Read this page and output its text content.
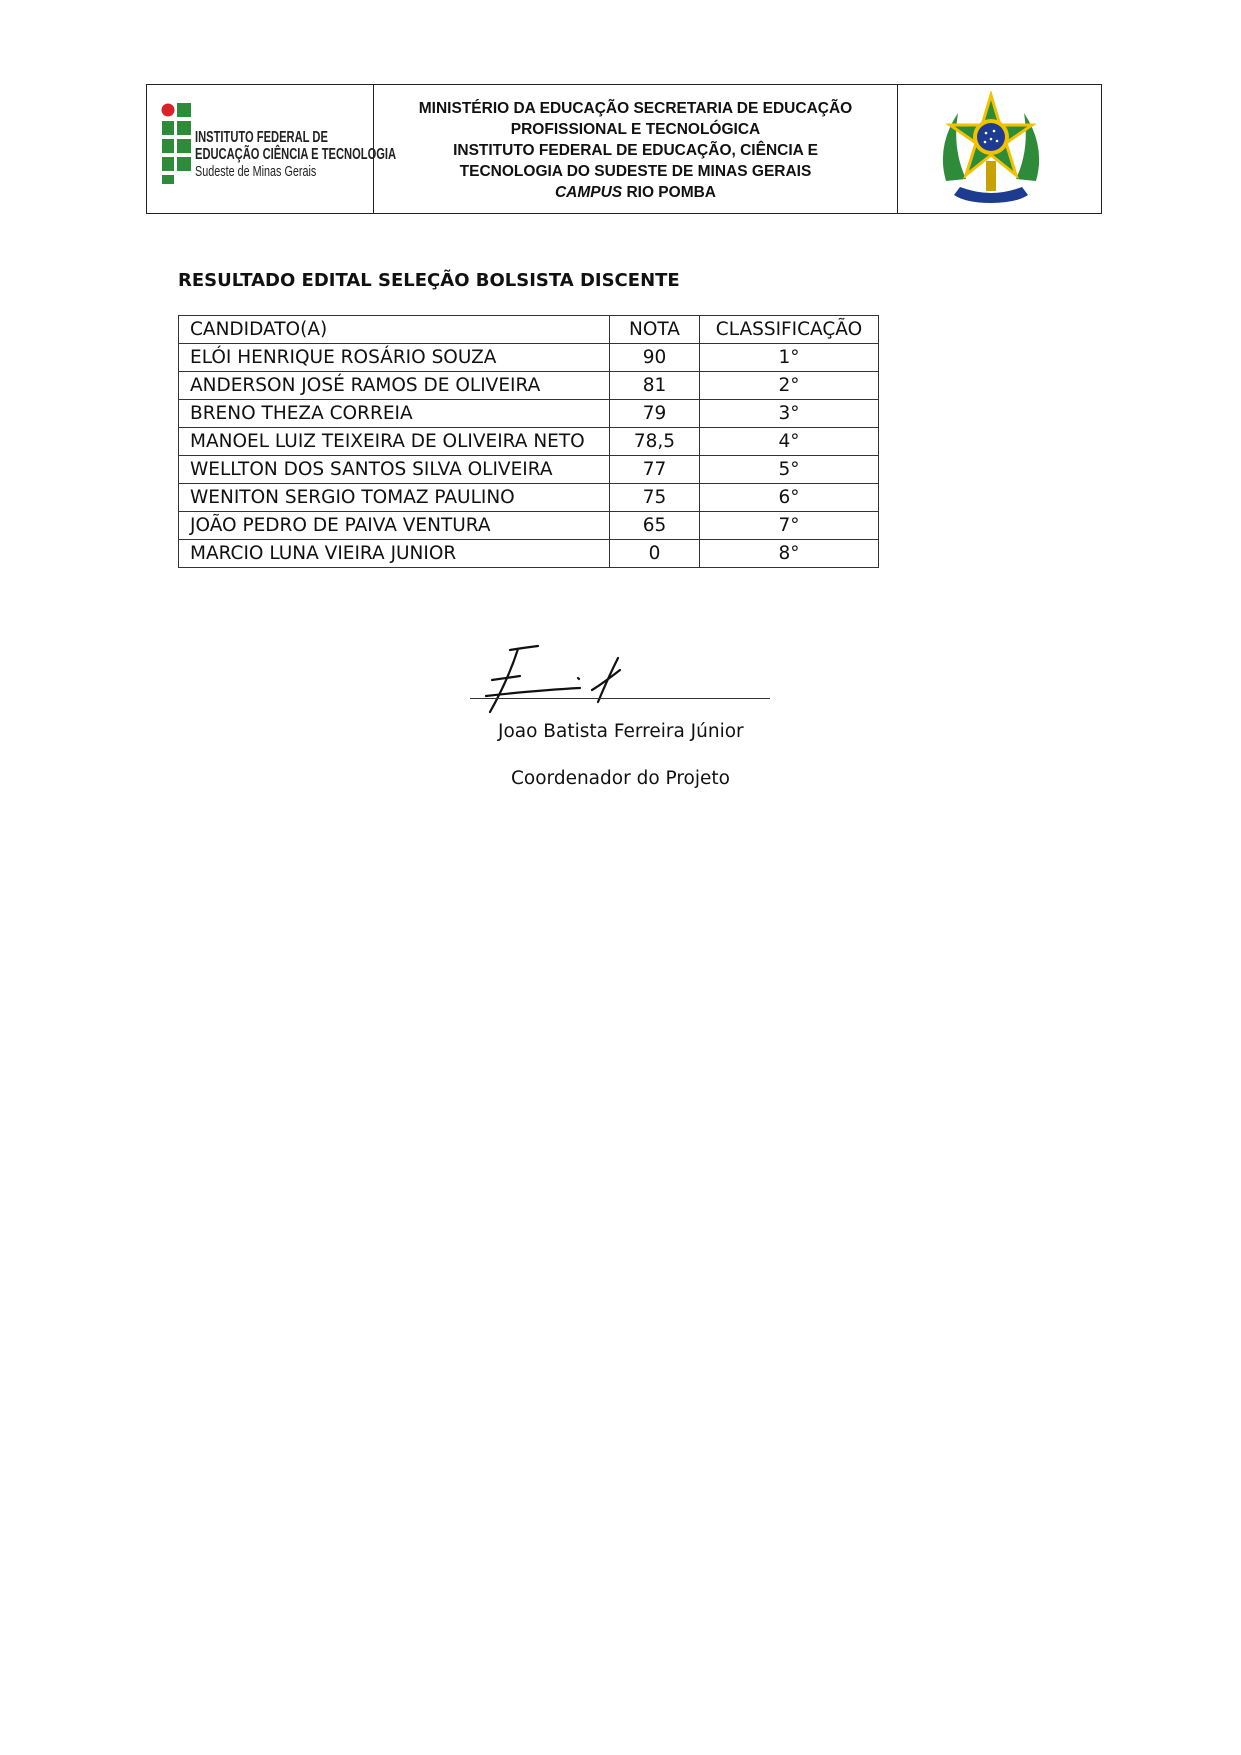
INSTITUTO FEDERAL DE
EDUCAÇÃO CIÊNCIA E TECNOLOGIA
Sudeste de Minas Gerais
MINISTÉRIO DA EDUCAÇÃO SECRETARIA DE EDUCAÇÃO
PROFISSIONAL E TECNOLÓGICA
INSTITUTO FEDERAL DE EDUCAÇÃO, CIÊNCIA E
TECNOLOGIA DO SUDESTE DE MINAS GERAIS
CAMPUS RIO POMBA
RESULTADO EDITAL SELEÇÃO BOLSISTA DISCENTE
CANDIDATO(A)	NOTA	CLASSIFICAÇÃO
ELÓI HENRIQUE ROSÁRIO SOUZA	90	1°
ANDERSON JOSÉ RAMOS DE OLIVEIRA	81	2°
BRENO THEZA CORREIA	79	3°
MANOEL LUIZ TEIXEIRA DE OLIVEIRA NETO	78,5	4°
WELLTON DOS SANTOS SILVA OLIVEIRA	77	5°
WENITON SERGIO TOMAZ PAULINO	75	6°
JOÃO PEDRO DE PAIVA VENTURA	65	7°
MARCIO LUNA VIEIRA JUNIOR	0	8°
Joao Batista Ferreira Júnior
Coordenador do Projeto
